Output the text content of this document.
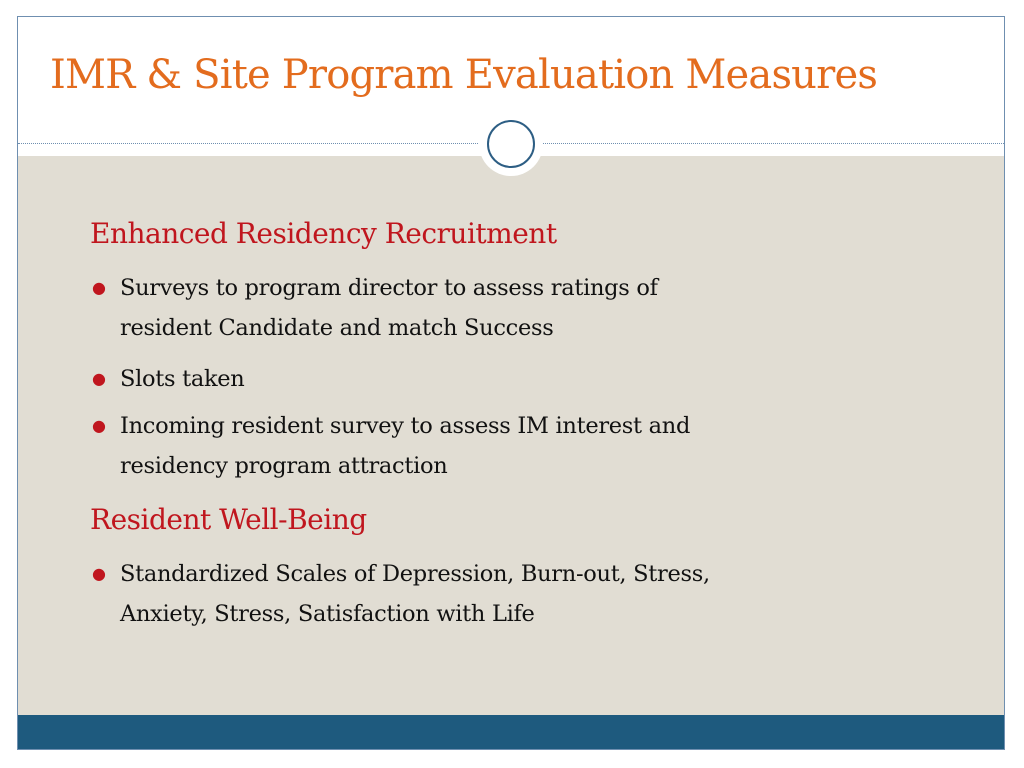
IMR & Site Program Evaluation Measures
Enhanced Residency Recruitment
● Surveys to program director to assess ratings of
resident Candidate and match Success
● Slots taken
● Incoming resident survey to assess IM interest and
residency program attraction
Resident Well-Being
● Standardized Scales of Depression, Burn-out, Stress,
Anxiety, Stress, Satisfaction with Life
